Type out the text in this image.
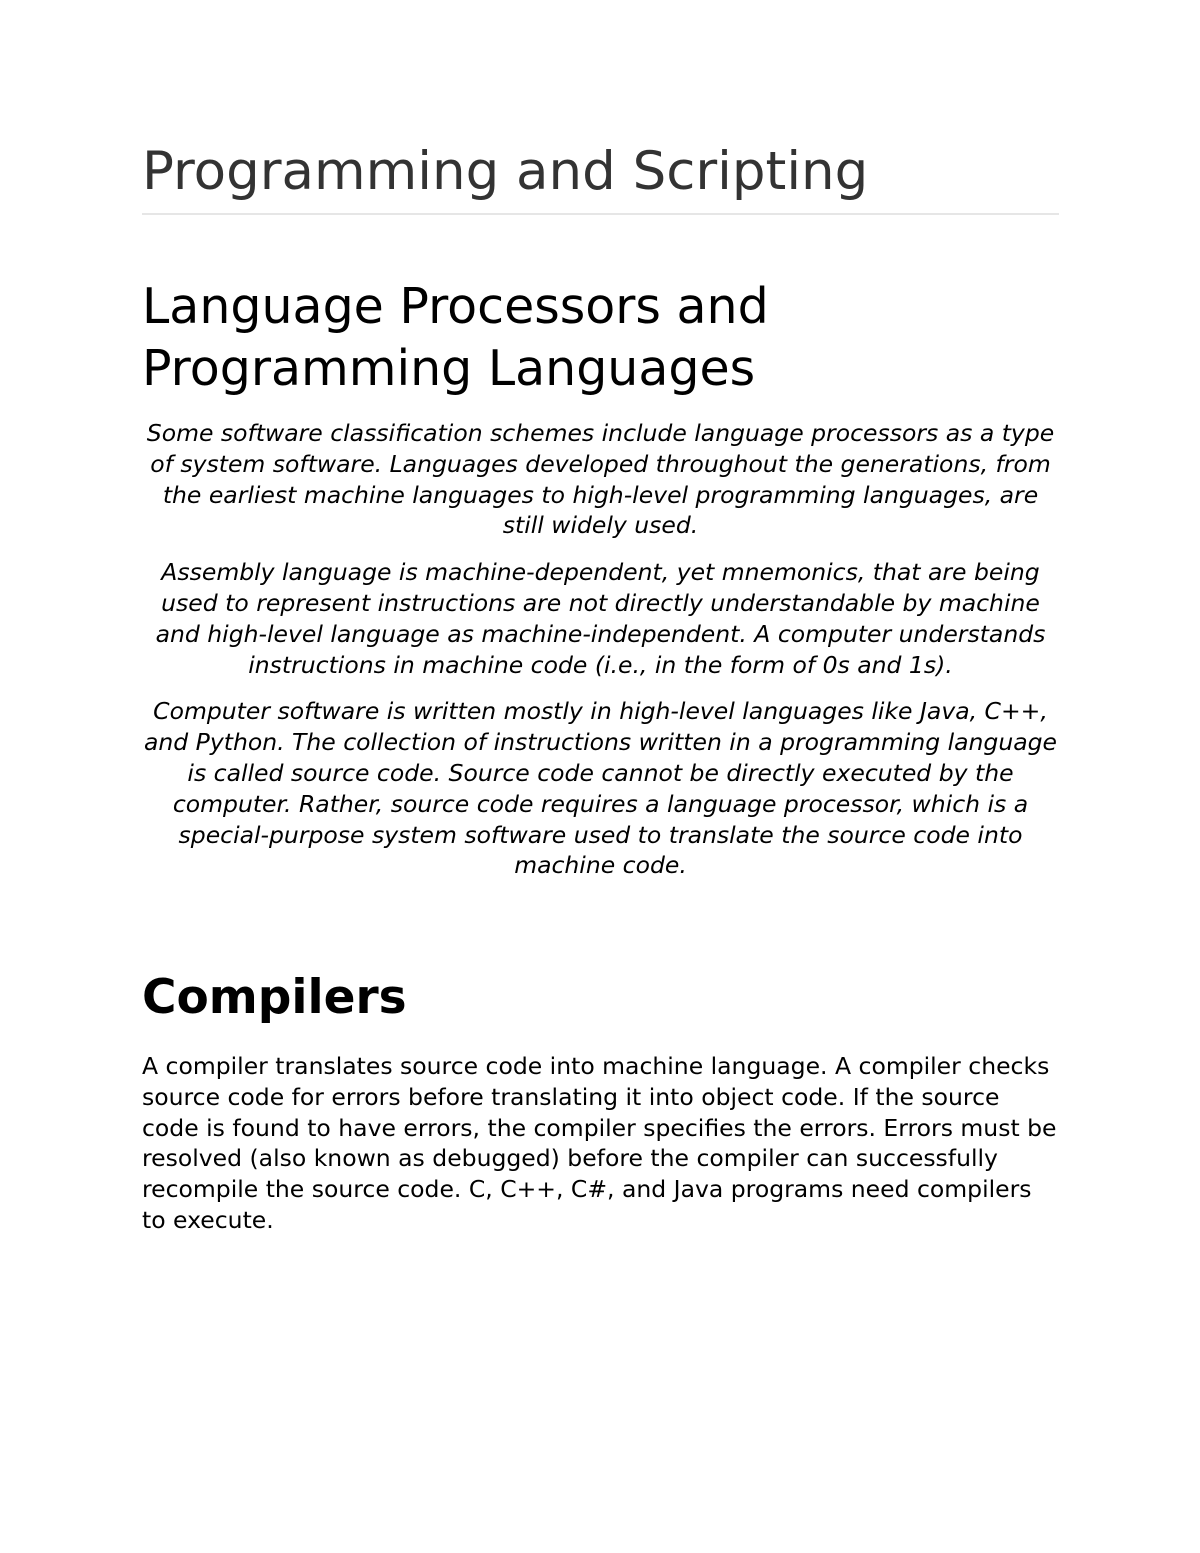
Programming and Scripting
Language Processors and
Programming Languages

Some software classification schemes include language processors as a type of system software. Languages developed throughout the generations, from the earliest machine languages to high-level programming languages, are still widely used.

Assembly language is machine-dependent, yet mnemonics, that are being used to represent instructions are not directly understandable by machine and high-level language as machine-independent. A computer understands instructions in machine code (i.e., in the form of 0s and 1s).

Computer software is written mostly in high-level languages like Java, C++, and Python. The collection of instructions written in a programming language is called source code. Source code cannot be directly executed by the computer. Rather, source code requires a language processor, which is a special-purpose system software used to translate the source code into machine code.

Compilers

A compiler translates source code into machine language. A compiler checks source code for errors before translating it into object code. If the source code is found to have errors, the compiler specifies the errors. Errors must be resolved (also known as debugged) before the compiler can successfully recompile the source code. C, C++, C#, and Java programs need compilers to execute.
